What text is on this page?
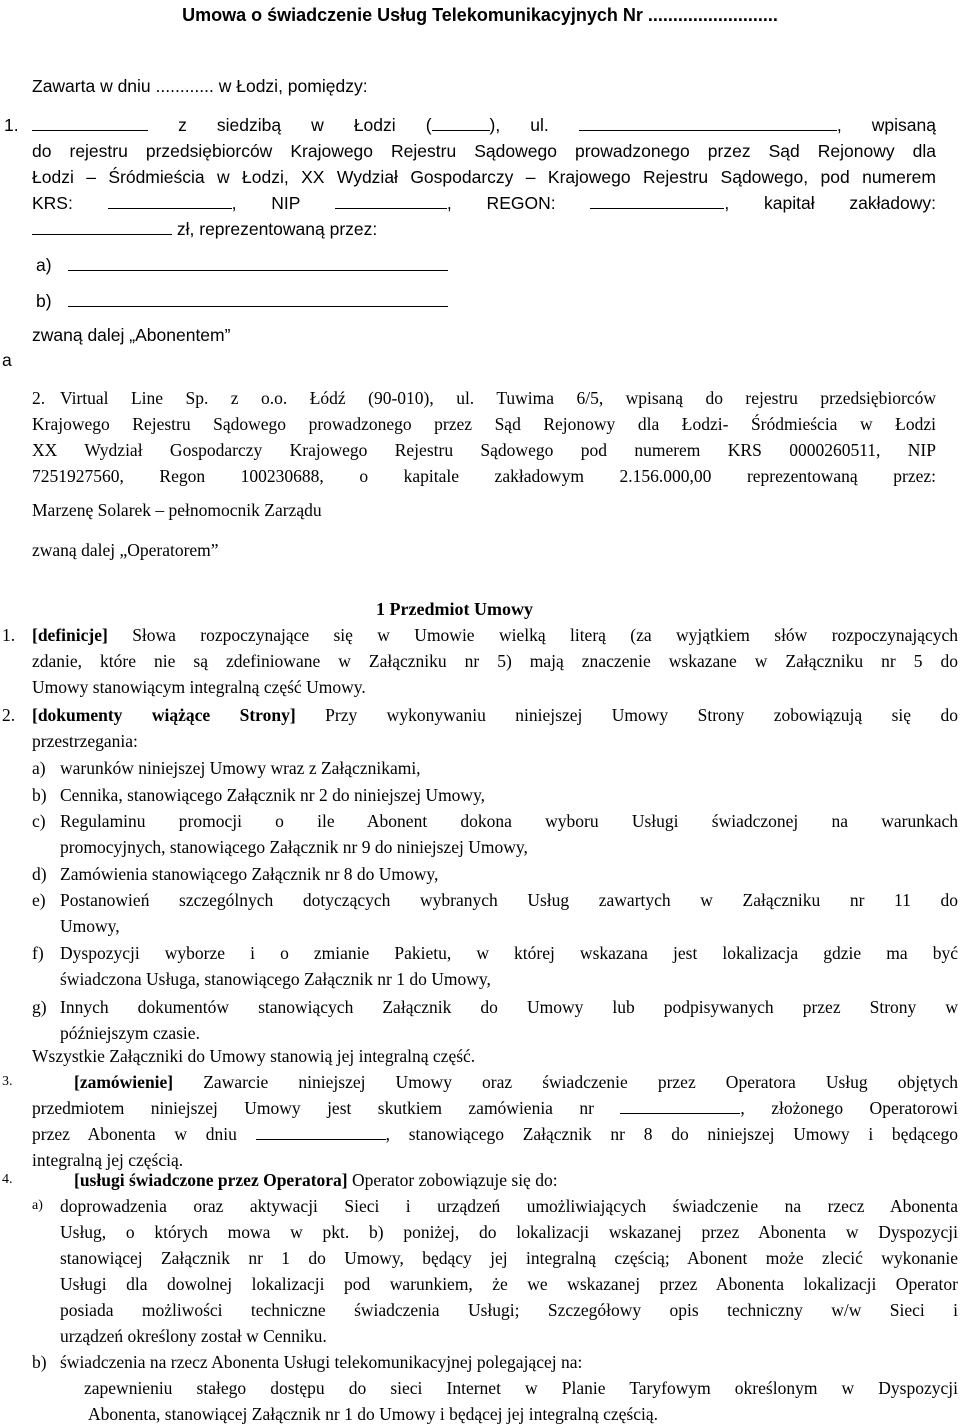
Umowa o świadczenie Usług Telekomunikacyjnych Nr ..........................
Zawarta w dniu ............ w Łodzi, pomiędzy:
1.	z siedzibą w Łodzi (	), ul.	, wpisaną
do rejestru przedsiębiorców Krajowego Rejestru Sądowego prowadzonego przez Sąd Rejonowy dla
Łodzi – Śródmieścia w Łodzi, XX Wydział Gospodarczy – Krajowego Rejestru Sądowego, pod numerem
KRS:	, NIP	, REGON:	, kapitał zakładowy:
zł, reprezentowaną przez:
a)
b)
zwaną dalej „Abonentem”
a
2. Virtual Line Sp. z o.o. Łódź (90-010), ul. Tuwima 6/5, wpisaną do rejestru przedsiębiorców
Krajowego Rejestru Sądowego prowadzonego przez Sąd Rejonowy dla Łodzi- Śródmieścia w Łodzi
XX Wydział Gospodarczy Krajowego Rejestru Sądowego pod numerem KRS 0000260511, NIP
7251927560, Regon 100230688, o kapitale zakładowym 2.156.000,00 reprezentowaną przez:
Marzenę Solarek – pełnomocnik Zarządu
zwaną dalej „Operatorem”
1 Przedmiot Umowy
1. [definicje] Słowa rozpoczynające się w Umowie wielką literą (za wyjątkiem słów rozpoczynających
zdanie, które nie są zdefiniowane w Załączniku nr 5) mają znaczenie wskazane w Załączniku nr 5 do
Umowy stanowiącym integralną część Umowy.
2. [dokumenty wiążące Strony] Przy wykonywaniu niniejszej Umowy Strony zobowiązują się do
przestrzegania:
a) warunków niniejszej Umowy wraz z Załącznikami,
b) Cennika, stanowiącego Załącznik nr 2 do niniejszej Umowy,
c) Regulaminu promocji o ile Abonent dokona wyboru Usługi świadczonej na warunkach
promocyjnych, stanowiącego Załącznik nr 9 do niniejszej Umowy,
d) Zamówienia stanowiącego Załącznik nr 8 do Umowy,
e) Postanowień szczególnych dotyczących wybranych Usług zawartych w Załączniku nr 11 do
Umowy,
f) Dyspozycji wyborze i o zmianie Pakietu, w której wskazana jest lokalizacja gdzie ma być
świadczona Usługa, stanowiącego Załącznik nr 1 do Umowy,
g) Innych dokumentów stanowiących Załącznik do Umowy lub podpisywanych przez Strony w
późniejszym czasie.
Wszystkie Załączniki do Umowy stanowią jej integralną część.
3.	[zamówienie] Zawarcie niniejszej Umowy oraz świadczenie przez Operatora Usług objętych
przedmiotem niniejszej Umowy jest skutkiem zamówienia nr	, złożonego Operatorowi
przez Abonenta w dniu	, stanowiącego Załącznik nr 8 do niniejszej Umowy i będącego
integralną jej częścią.
4.	[usługi świadczone przez Operatora] Operator zobowiązuje się do:
a) doprowadzenia oraz aktywacji Sieci i urządzeń umożliwiających świadczenie na rzecz Abonenta
Usług, o których mowa w pkt. b) poniżej, do lokalizacji wskazanej przez Abonenta w Dyspozycji
stanowiącej Załącznik nr 1 do Umowy, będący jej integralną częścią; Abonent może zlecić wykonanie
Usługi dla dowolnej lokalizacji pod warunkiem, że we wskazanej przez Abonenta lokalizacji Operator
posiada możliwości techniczne świadczenia Usługi; Szczegółowy opis techniczny w/w Sieci i
urządzeń określony został w Cenniku.
b) świadczenia na rzecz Abonenta Usługi telekomunikacyjnej polegającej na:
zapewnieniu stałego dostępu do sieci Internet w Planie Taryfowym określonym w Dyspozycji
Abonenta, stanowiącej Załącznik nr 1 do Umowy i będącej jej integralną częścią.
